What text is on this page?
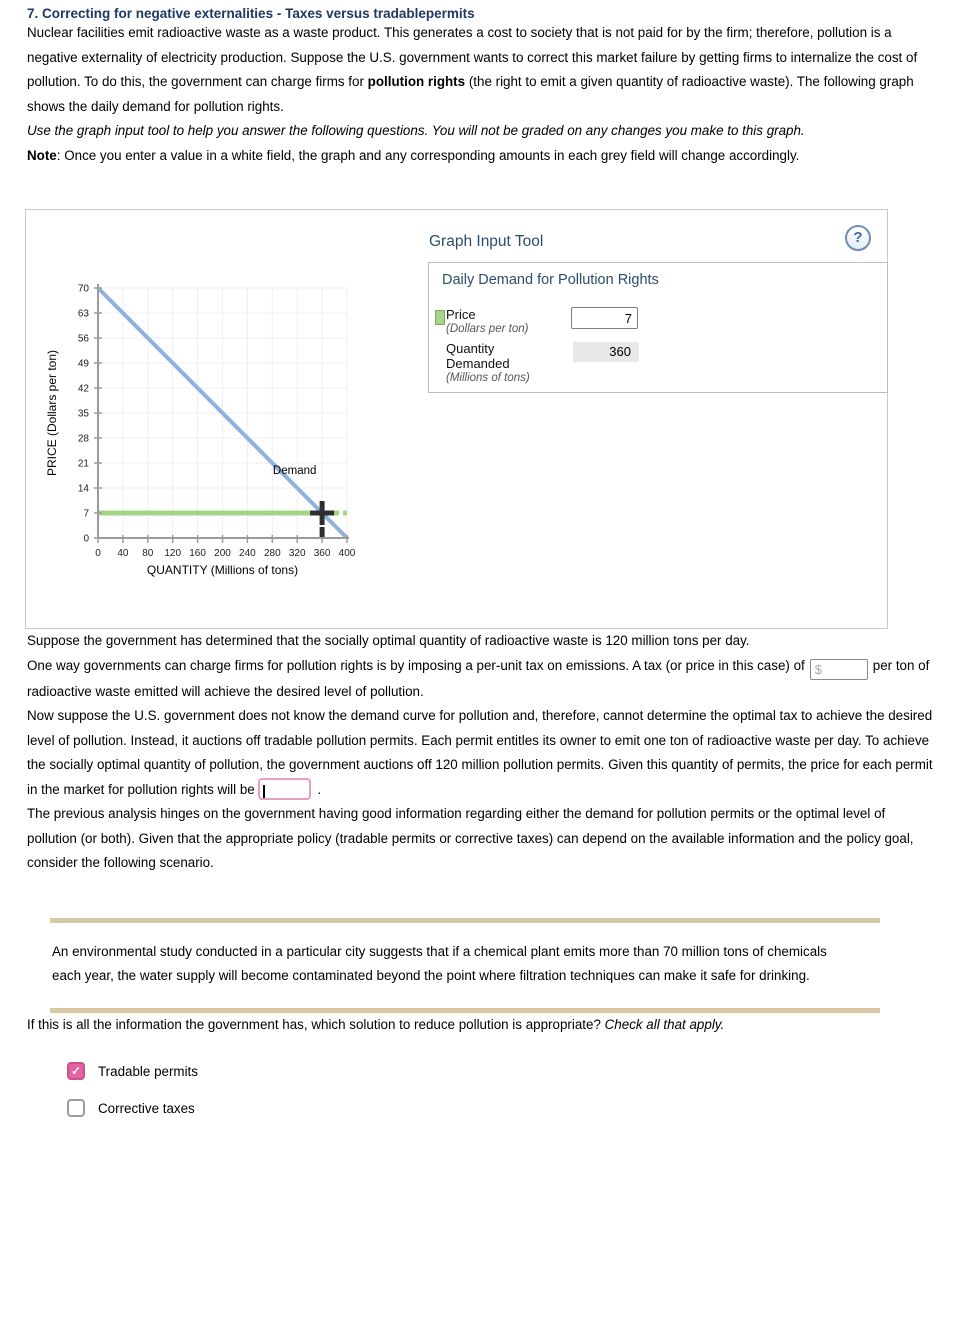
7. Correcting for negative externalities - Taxes versus tradablepermits

Nuclear facilities emit radioactive waste as a waste product. This generates a cost to society that is not paid for by the firm; therefore, pollution is a negative externality of electricity production. Suppose the U.S. government wants to correct this market failure by getting firms to internalize the cost of pollution. To do this, the government can charge firms for pollution rights (the right to emit a given quantity of radioactive waste). The following graph shows the daily demand for pollution rights.

Use the graph input tool to help you answer the following questions. You will not be graded on any changes you make to this graph.

Note: Once you enter a value in a white field, the graph and any corresponding amounts in each grey field will change accordingly.

0
7
14
21
28
35
42
49
56
63
70
0 40 80 120 160 200 240 280 320 360 400
Demand
QUANTITY (Millions of tons)
PRICE (Dollars per ton)
Graph Input Tool	?
Daily Demand for Pollution Rights
Price
(Dollars per ton)
7
Quantity
Demanded
(Millions of tons)
360

Suppose the government has determined that the socially optimal quantity of radioactive waste is 120 million tons per day.

One way governments can charge firms for pollution rights is by imposing a per-unit tax on emissions. A tax (or price in this case) of$	per ton of radioactive waste emitted will achieve the desired level of pollution.

Now suppose the U.S. government does not know the demand curve for pollution and, therefore, cannot determine the optimal tax to achieve the desired level of pollution. Instead, it auctions off tradable pollution permits. Each permit entitles its owner to emit one ton of radioactive waste per day. To achieve the socially optimal quantity of pollution, the government auctions off 120 million pollution permits. Given this quantity of permits, the price for each permit in the market for pollution rights will be	.

The previous analysis hinges on the government having good information regarding either the demand for pollution permits or the optimal level of pollution (or both). Given that the appropriate policy (tradable permits or corrective taxes) can depend on the available information and the policy goal, consider the following scenario.

An environmental study conducted in a particular city suggests that if a chemical plant emits more than 70 million tons of chemicals each year, the water supply will become contaminated beyond the point where filtration techniques can make it safe for drinking.

If this is all the information the government has, which solution to reduce pollution is appropriate? Check all that apply.

✓ Tradable permits
Corrective taxes
